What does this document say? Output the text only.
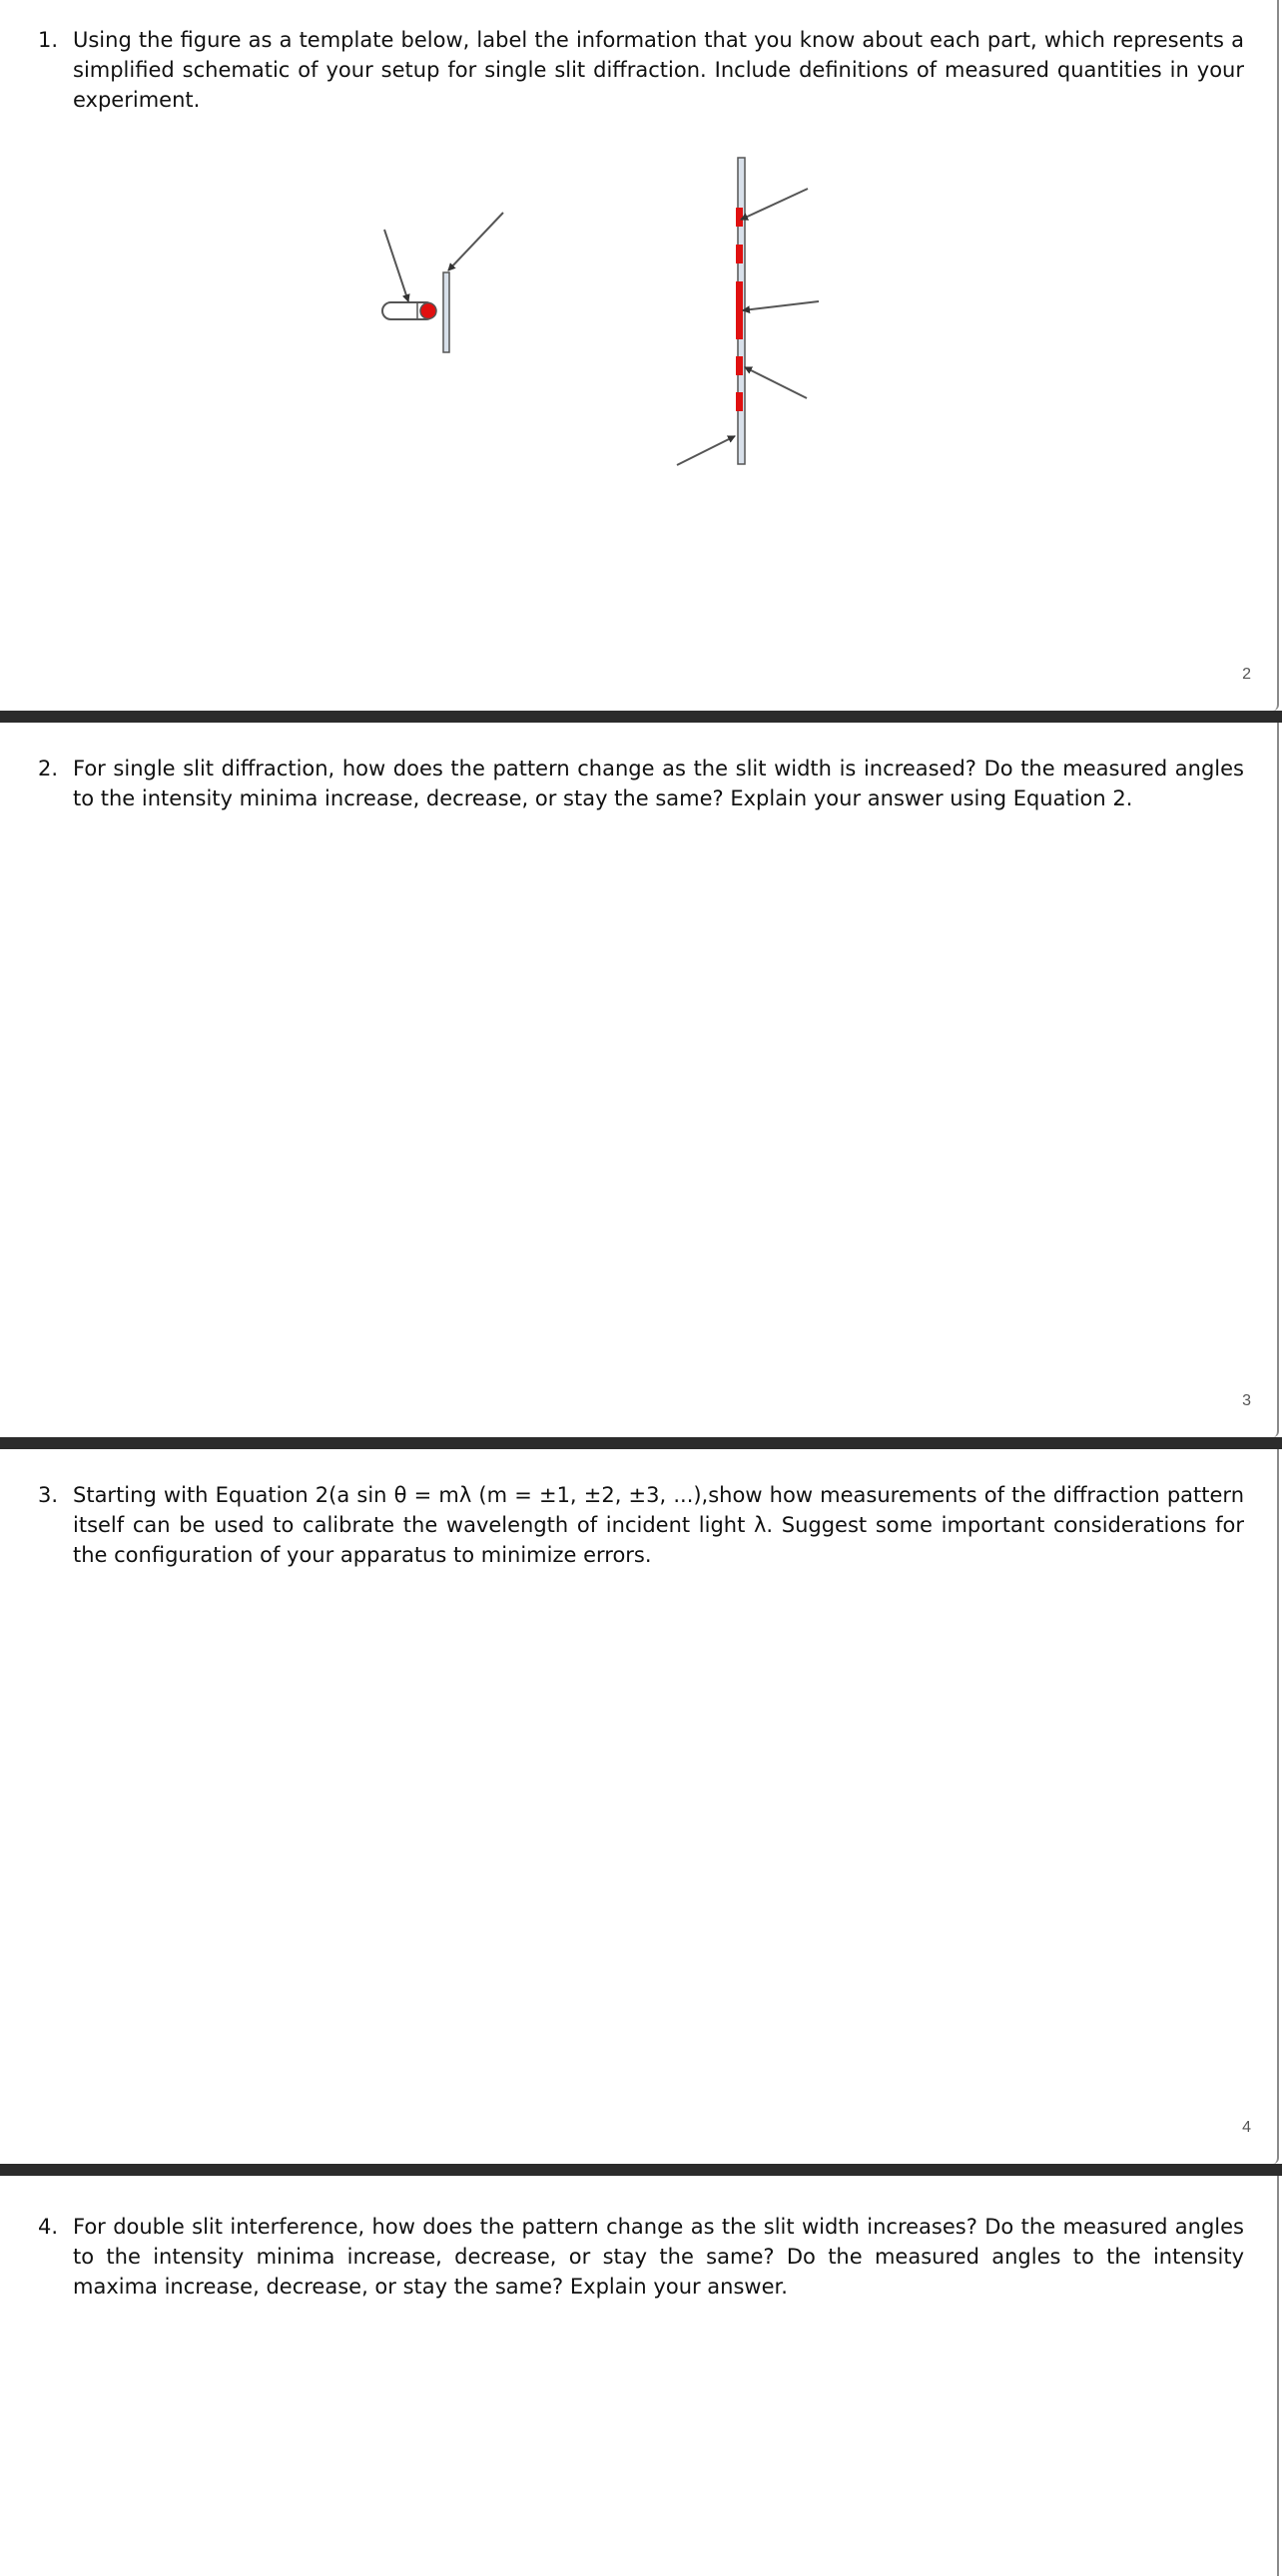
1. Using the figure as a template below, label the information that you know about each part, which represents a simplified schematic of your setup for single slit diffraction. Include definitions of measured quantities in your experiment.
2
2. For single slit diffraction, how does the pattern change as the slit width is increased? Do the measured angles to the intensity minima increase, decrease, or stay the same? Explain your answer using Equation 2.
3
3. Starting with Equation 2(a sin θ = mλ (m = ±1, ±2, ±3, ...),show how measurements of the diffraction pattern itself can be used to calibrate the wavelength of incident light λ. Suggest some important considerations for the configuration of your apparatus to minimize errors.
4
4. For double slit interference, how does the pattern change as the slit width increases? Do the measured angles to the intensity minima increase, decrease, or stay the same? Do the measured angles to the intensity maxima increase, decrease, or stay the same? Explain your answer.
